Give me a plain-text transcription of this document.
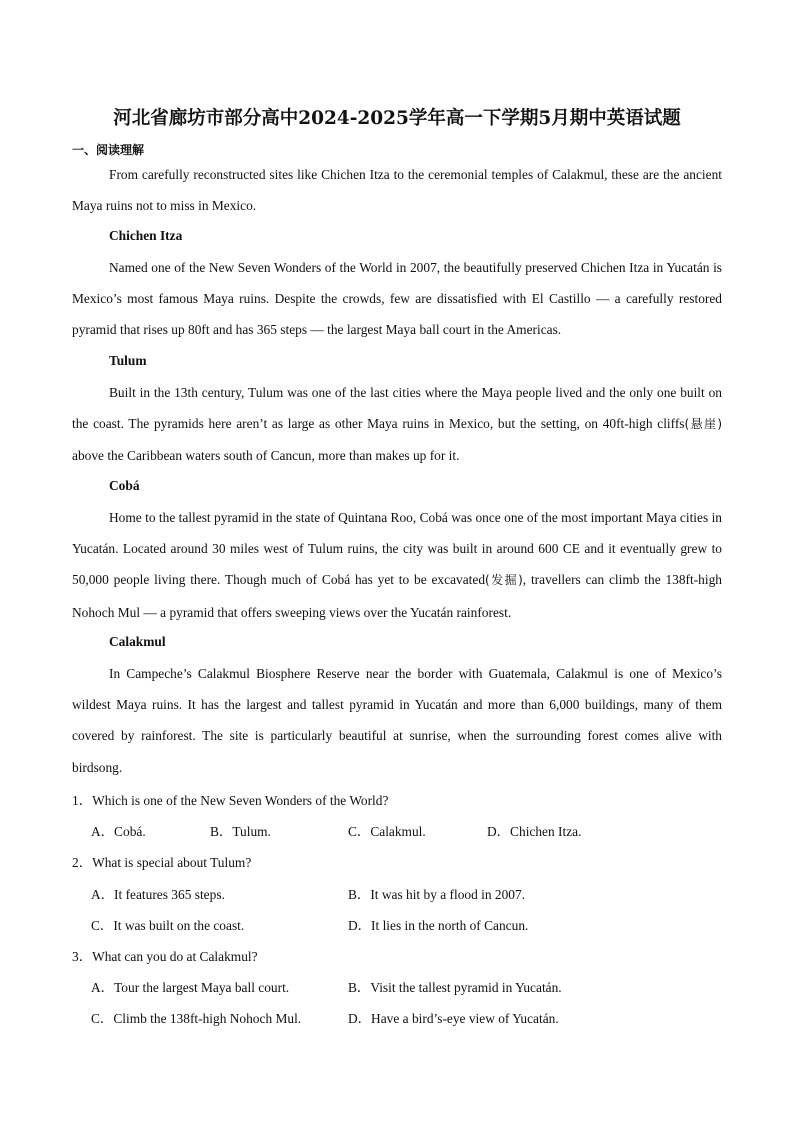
河北省廊坊市部分高中2024-2025学年高一下学期5月期中英语试题
一、阅读理解
From carefully reconstructed sites like Chichen Itza to the ceremonial temples of Calakmul, these are the ancient Maya ruins not to miss in Mexico.
Chichen Itza
Named one of the New Seven Wonders of the World in 2007, the beautifully preserved Chichen Itza in Yucatán is Mexico’s most famous Maya ruins. Despite the crowds, few are dissatisfied with El Castillo — a carefully restored pyramid that rises up 80ft and has 365 steps — the largest Maya ball court in the Americas.
Tulum
Built in the 13th century, Tulum was one of the last cities where the Maya people lived and the only one built on the coast. The pyramids here aren’t as large as other Maya ruins in Mexico, but the setting, on 40ft-high cliffs(悬崖) above the Caribbean waters south of Cancun, more than makes up for it.
Cobá
Home to the tallest pyramid in the state of Quintana Roo, Cobá was once one of the most important Maya cities in Yucatán. Located around 30 miles west of Tulum ruins, the city was built in around 600 CE and it eventually grew to 50,000 people living there. Though much of Cobá has yet to be excavated(发掘), travellers can climb the 138ft-high Nohoch Mul — a pyramid that offers sweeping views over the Yucatán rainforest.
Calakmul
In Campeche’s Calakmul Biosphere Reserve near the border with Guatemala, Calakmul is one of Mexico’s wildest Maya ruins. It has the largest and tallest pyramid in Yucatán and more than 6,000 buildings, many of them covered by rainforest. The site is particularly beautiful at sunrise, when the surrounding forest comes alive with birdsong.
1．Which is one of the New Seven Wonders of the World?
A．Cobá.	B．Tulum.	C．Calakmul.	D．Chichen Itza.
2．What is special about Tulum?
A．It features 365 steps.	B．It was hit by a flood in 2007.
C．It was built on the coast.	D．It lies in the north of Cancun.
3．What can you do at Calakmul?
A．Tour the largest Maya ball court.	B．Visit the tallest pyramid in Yucatán.
C．Climb the 138ft-high Nohoch Mul.	D．Have a bird’s-eye view of Yucatán.
